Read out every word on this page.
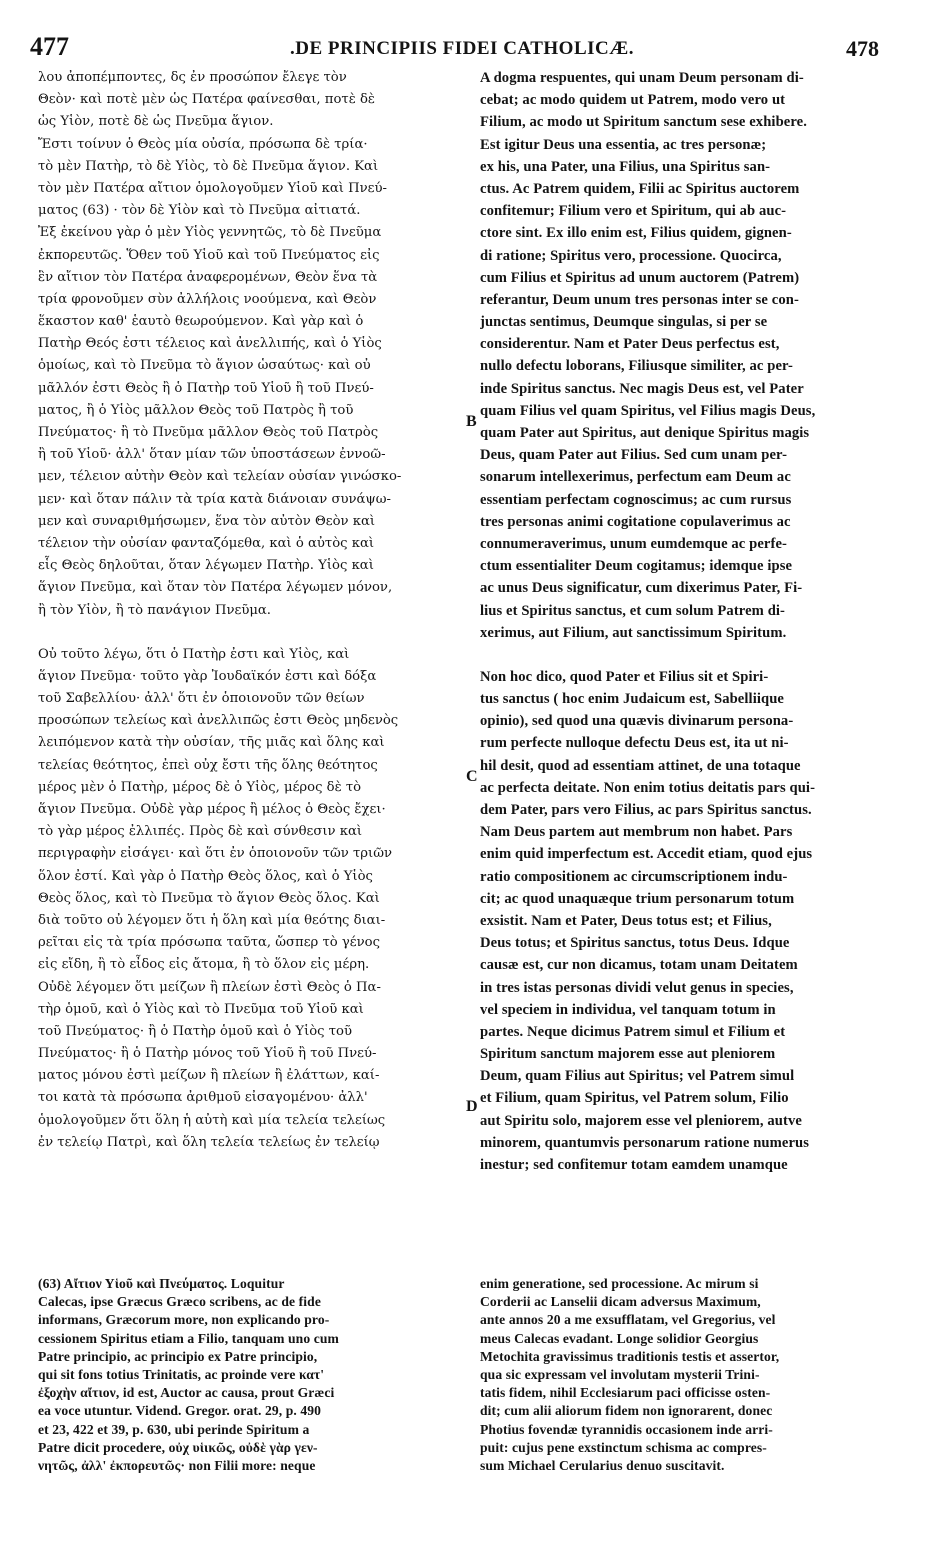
477	.DE PRINCIPIIS FIDEI CATHOLICÆ.	478
λου ἀποπέμποντες, δς ἐν προσώπον ἔλεγε τὸν
Θεὸν· καὶ ποτὲ μὲν ὡς Πατέρα φαίνεσθαι, ποτὲ δὲ
ὡς Υἱὸν, ποτὲ δὲ ὡς Πνεῦμα ἅγιον.
Ἔστι τοίνυν ὁ Θεὸς μία οὐσία, πρόσωπα δὲ τρία·
τὸ μὲν Πατὴρ, τὸ δὲ Υἱὸς, τὸ δὲ Πνεῦμα ἅγιον. Καὶ
τὸν μὲν Πατέρα αἴτιον ὁμολογοῦμεν Υἱοῦ καὶ Πνεύ-
ματος (63) · τὸν δὲ Υἱὸν καὶ τὸ Πνεῦμα αἰτιατά.
Ἐξ ἐκείνου γὰρ ὁ μὲν Υἱὸς γεννητῶς, τὸ δὲ Πνεῦμα
ἐκπορευτῶς. Ὅθεν τοῦ Υἱοῦ καὶ τοῦ Πνεύματος εἰς
ἓν αἴτιον τὸν Πατέρα ἀναφερομένων, Θεὸν ἕνα τὰ
τρία φρονοῦμεν σὺν ἀλλήλοις νοούμενα, καὶ Θεὸν
ἕκαστον καθ' ἑαυτὸ θεωρούμενον. Καὶ γὰρ καὶ ὁ
Πατὴρ Θεός ἐστι τέλειος καὶ ἀνελλιπής, καὶ ὁ Υἱὸς
ὁμοίως, καὶ τὸ Πνεῦμα τὸ ἅγιον ὡσαύτως· καὶ οὐ
μᾶλλόν ἐστι Θεὸς ἢ ὁ Πατὴρ τοῦ Υἱοῦ ἢ τοῦ Πνεύ-
ματος, ἢ ὁ Υἱὸς μᾶλλον Θεὸς τοῦ Πατρὸς ἢ τοῦ
Πνεύματος· ἢ τὸ Πνεῦμα μᾶλλον Θεὸς τοῦ Πατρὸς
ἢ τοῦ Υἱοῦ· ἀλλ' ὅταν μίαν τῶν ὑποστάσεων ἐννοῶ-
μεν, τέλειον αὐτὴν Θεὸν καὶ τελείαν οὐσίαν γινώσκο-
μεν· καὶ ὅταν πάλιν τὰ τρία κατὰ διάνοιαν συνάψω-
μεν καὶ συναριθμήσωμεν, ἕνα τὸν αὐτὸν Θεὸν καὶ
τέλειον τὴν οὐσίαν φανταζόμεθα, καὶ ὁ αὐτὸς καὶ
εἷς Θεὸς δηλοῦται, ὅταν λέγωμεν Πατὴρ. Υἱὸς καὶ
ἅγιον Πνεῦμα, καὶ ὅταν τὸν Πατέρα λέγωμεν μόνον,
ἢ τὸν Υἱὸν, ἢ τὸ πανάγιον Πνεῦμα.
Οὐ τοῦτο λέγω, ὅτι ὁ Πατὴρ ἐστι καὶ Υἱὸς, καὶ
ἅγιον Πνεῦμα· τοῦτο γὰρ Ἰουδαϊκόν ἐστι καὶ δόξα
τοῦ Σαβελλίου· ἀλλ' ὅτι ἐν ὁποιονοῦν τῶν θείων
προσώπων τελείως καὶ ἀνελλιπῶς ἐστι Θεὸς μηδενὸς
λειπόμενον κατὰ τὴν οὐσίαν, τῆς μιᾶς καὶ ὅλης καὶ
τελείας θεότητος, ἐπεὶ οὐχ ἔστι τῆς ὅλης θεότητος
μέρος μὲν ὁ Πατὴρ, μέρος δὲ ὁ Υἱὸς, μέρος δὲ τὸ
ἅγιον Πνεῦμα. Οὐδὲ γὰρ μέρος ἢ μέλος ὁ Θεὸς ἔχει·
τὸ γὰρ μέρος ἐλλιπές. Πρὸς δὲ καὶ σύνθεσιν καὶ
περιγραφὴν εἰσάγει· καὶ ὅτι ἐν ὁποιονοῦν τῶν τριῶν
ὅλον ἐστί. Καὶ γὰρ ὁ Πατὴρ Θεὸς ὅλος, καὶ ὁ Υἱὸς
Θεὸς ὅλος, καὶ τὸ Πνεῦμα τὸ ἅγιον Θεὸς ὅλος. Καὶ
διὰ τοῦτο οὐ λέγομεν ὅτι ἡ ὅλη καὶ μία θεότης διαι-
ρεῖται εἰς τὰ τρία πρόσωπα ταῦτα, ὥσπερ τὸ γένος
εἰς εἴδη, ἢ τὸ εἶδος εἰς ἄτομα, ἢ τὸ ὅλον εἰς μέρη.
Οὐδὲ λέγομεν ὅτι μείζων ἢ πλείων ἐστὶ Θεὸς ὁ Πα-
τὴρ ὁμοῦ, καὶ ὁ Υἱὸς καὶ τὸ Πνεῦμα τοῦ Υἱοῦ καὶ
τοῦ Πνεύματος· ἢ ὁ Πατὴρ ὁμοῦ καὶ ὁ Υἱὸς τοῦ
Πνεύματος· ἢ ὁ Πατὴρ μόνος τοῦ Υἱοῦ ἢ τοῦ Πνεύ-
ματος μόνου ἐστὶ μείζων ἢ πλείων ἢ ἐλάττων, καί-
τοι κατὰ τὰ πρόσωπα ἀριθμοῦ εἰσαγομένου· ἀλλ'
ὁμολογοῦμεν ὅτι ὅλη ἡ αὐτὴ καὶ μία τελεία τελείως
ἐν τελείῳ Πατρὶ, καὶ ὅλη τελεία τελείως ἐν τελείῳ
A dogma respuentes, qui unam Deum personam di-
cebat; ac modo quidem ut Patrem, modo vero ut
Filium, ac modo ut Spiritum sanctum sese exhibere.
Est igitur Deus una essentia, ac tres personæ;
ex his, una Pater, una Filius, una Spiritus san-
ctus. Ac Patrem quidem, Filii ac Spiritus auctorem
confitemur; Filium vero et Spiritum, qui ab auc-
ctore sint. Ex illo enim est, Filius quidem, gignen-
di ratione; Spiritus vero, processione. Quocirca,
cum Filius et Spiritus ad unum auctorem (Patrem)
referantur, Deum unum tres personas inter se con-
junctas sentimus, Deumque singulas, si per se
considerentur. Nam et Pater Deus perfectus est,
nullo defectu loborans, Filiusque similiter, ac per-
inde Spiritus sanctus. Nec magis Deus est, vel Pater
quam Filius vel quam Spiritus, vel Filius magis Deus,
quam Pater aut Spiritus, aut denique Spiritus magis
Deus, quam Pater aut Filius. Sed cum unam per-
sonarum intellexerimus, perfectum eam Deum ac
essentiam perfectam cognoscimus; ac cum rursus
tres personas animi cogitatione copulaverimus ac
connumeraverimus, unum eumdemque ac perfe-
ctum essentialiter Deum cogitamus; idemque ipse
ac unus Deus significatur, cum dixerimus Pater, Fi-
lius et Spiritus sanctus, et cum solum Patrem di-
xerimus, aut Filium, aut sanctissimum Spiritum.
Non hoc dico, quod Pater et Filius sit et Spiri-
tus sanctus ( hoc enim Judaicum est, Sabelliique
opinio), sed quod una quævis divinarum persona-
rum perfecte nulloque defectu Deus est, ita ut ni-
hil desit, quod ad essentiam attinet, de una totaque
ac perfecta deitate. Non enim totius deitatis pars qui-
dem Pater, pars vero Filius, ac pars Spiritus sanctus.
Nam Deus partem aut membrum non habet. Pars
enim quid imperfectum est. Accedit etiam, quod ejus
ratio compositionem ac circumscriptionem indu-
cit; ac quod unaquæque trium personarum totum
exsistit. Nam et Pater, Deus totus est; et Filius,
Deus totus; et Spiritus sanctus, totus Deus. Idque
causæ est, cur non dicamus, totam unam Deitatem
in tres istas personas dividi velut genus in species,
vel speciem in individua, vel tanquam totum in
partes. Neque dicimus Patrem simul et Filium et
Spiritum sanctum majorem esse aut pleniorem
Deum, quam Filius aut Spiritus; vel Patrem simul
et Filium, quam Spiritus, vel Patrem solum, Filio
aut Spiritu solo, majorem esse vel pleniorem, autve
minorem, quantumvis personarum ratione numerus
inestur; sed confitemur totam eamdem unamque
B
C
D
(63) Αἴτιον Υἱοῦ καὶ Πνεύματος. Loquitur
Calecas, ipse Græcus Græco scribens, ac de fide
informans, Græcorum more, non explicando pro-
cessionem Spiritus etiam a Filio, tanquam uno cum
Patre principio, ac principio ex Patre principio,
qui sit fons totius Trinitatis, ac proinde vere κατ'
ἐξοχὴν αἴτιον, id est, Auctor ac causa, prout Græci
ea voce utuntur. Vidend. Gregor. orat. 29, p. 490
et 23, 422 et 39, p. 630, ubi perinde Spiritum a
Patre dicit procedere, οὐχ υἱικῶς, οὐδὲ γὰρ γεν-
νητῶς, ἀλλ' ἐκπορευτῶς· non Filii more: neque
enim generatione, sed processione. Ac mirum si
Corderii ac Lanselii dicam adversus Maximum,
ante annos 20 a me exsufflatam, vel Gregorius, vel
meus Calecas evadant. Longe solidior Georgius
Metochita gravissimus traditionis testis et assertor,
qua sic expressam vel involutam mysterii Trini-
tatis fidem, nihil Ecclesiarum paci officisse osten-
dit; cum alii aliorum fidem non ignorarent, donec
Photius fovendæ tyrannidis occasionem inde arri-
puit: cujus pene exstinctum schisma ac compres-
sum Michael Cerularius denuo suscitavit.
